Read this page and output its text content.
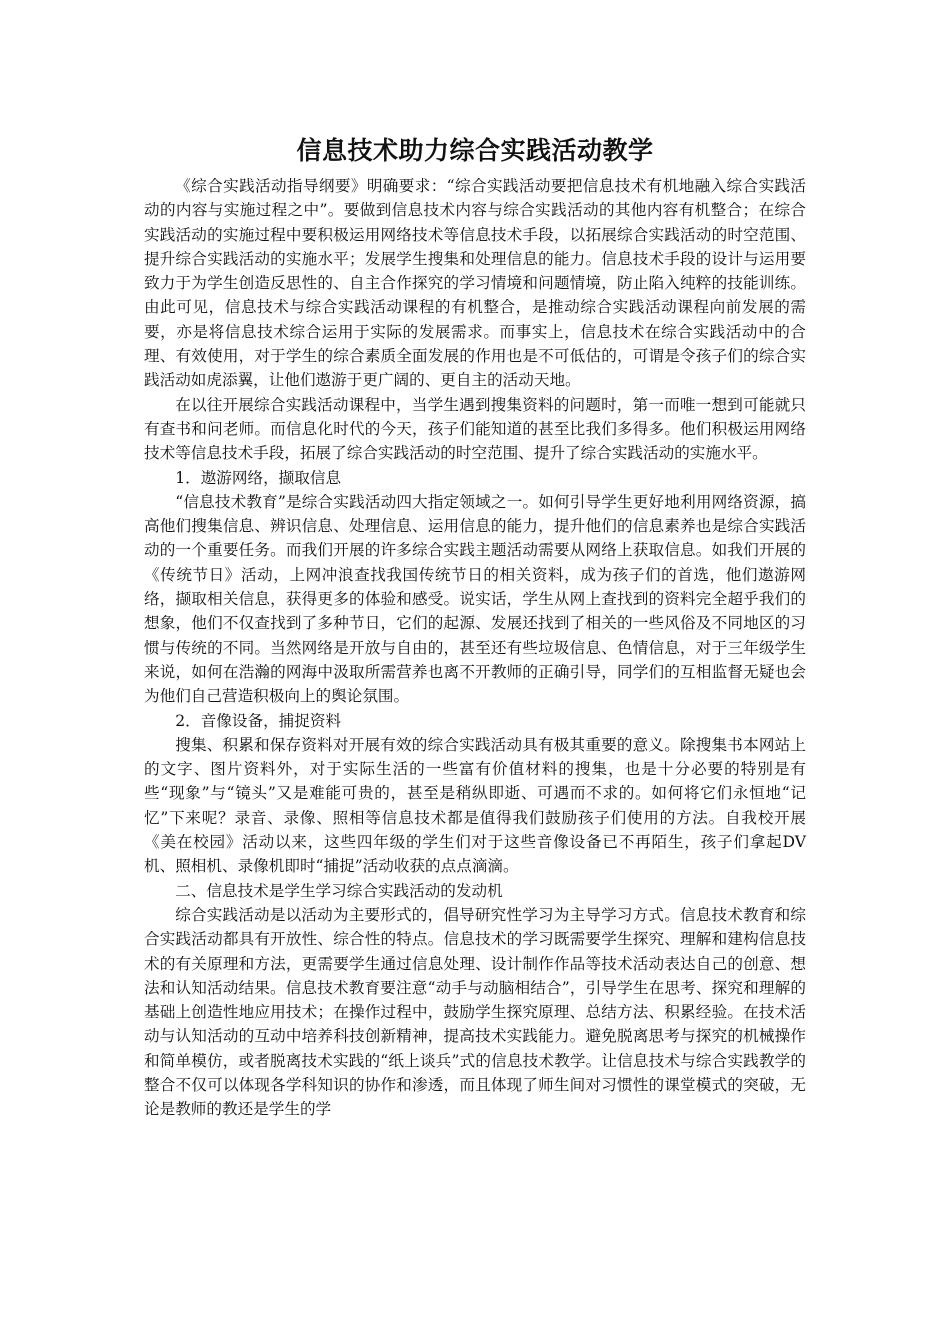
信息技术助力综合实践活动教学

《综合实践活动指导纲要》明确要求：“综合实践活动要把信息技术有机地融入综合实践活动的内容与实施过程之中”。要做到信息技术内容与综合实践活动的其他内容有机整合；在综合实践活动的实施过程中要积极运用网络技术等信息技术手段，以拓展综合实践活动的时空范围、提升综合实践活动的实施水平；发展学生搜集和处理信息的能力。信息技术手段的设计与运用要致力于为学生创造反思性的、自主合作探究的学习情境和问题情境，防止陷入纯粹的技能训练。由此可见，信息技术与综合实践活动课程的有机整合，是推动综合实践活动课程向前发展的需要，亦是将信息技术综合运用于实际的发展需求。而事实上，信息技术在综合实践活动中的合理、有效使用，对于学生的综合素质全面发展的作用也是不可低估的，可谓是令孩子们的综合实践活动如虎添翼，让他们遨游于更广阔的、更自主的活动天地。

在以往开展综合实践活动课程中，当学生遇到搜集资料的问题时，第一而唯一想到可能就只有查书和问老师。而信息化时代的今天，孩子们能知道的甚至比我们多得多。他们积极运用网络技术等信息技术手段，拓展了综合实践活动的时空范围、提升了综合实践活动的实施水平。

1．遨游网络，撷取信息

“信息技术教育”是综合实践活动四大指定领域之一。如何引导学生更好地利用网络资源，搞高他们搜集信息、辨识信息、处理信息、运用信息的能力，提升他们的信息素养也是综合实践活动的一个重要任务。而我们开展的许多综合实践主题活动需要从网络上获取信息。如我们开展的《传统节日》活动，上网冲浪查找我国传统节日的相关资料，成为孩子们的首选，他们遨游网络，撷取相关信息，获得更多的体验和感受。说实话，学生从网上查找到的资料完全超乎我们的想象，他们不仅查找到了多种节日，它们的起源、发展还找到了相关的一些风俗及不同地区的习惯与传统的不同。当然网络是开放与自由的，甚至还有些垃圾信息、色情信息，对于三年级学生来说，如何在浩瀚的网海中汲取所需营养也离不开教师的正确引导，同学们的互相监督无疑也会为他们自己营造积极向上的舆论氛围。

2．音像设备，捕捉资料

搜集、积累和保存资料对开展有效的综合实践活动具有极其重要的意义。除搜集书本网站上的文字、图片资料外，对于实际生活的一些富有价值材料的搜集，也是十分必要的特别是有些“现象”与“镜头”又是难能可贵的，甚至是稍纵即逝、可遇而不求的。如何将它们永恒地“记忆”下来呢？录音、录像、照相等信息技术都是值得我们鼓励孩子们使用的方法。自我校开展《美在校园》活动以来，这些四年级的学生们对于这些音像设备已不再陌生，孩子们拿起DV机、照相机、录像机即时“捕捉”活动收获的点点滴滴。

二、信息技术是学生学习综合实践活动的发动机

综合实践活动是以活动为主要形式的，倡导研究性学习为主导学习方式。信息技术教育和综合实践活动都具有开放性、综合性的特点。信息技术的学习既需要学生探究、理解和建构信息技术的有关原理和方法，更需要学生通过信息处理、设计制作作品等技术活动表达自己的创意、想法和认知活动结果。信息技术教育要注意“动手与动脑相结合”，引导学生在思考、探究和理解的基础上创造性地应用技术；在操作过程中，鼓励学生探究原理、总结方法、积累经验。在技术活动与认知活动的互动中培养科技创新精神，提高技术实践能力。避免脱离思考与探究的机械操作和简单模仿，或者脱离技术实践的“纸上谈兵”式的信息技术教学。让信息技术与综合实践教学的整合不仅可以体现各学科知识的协作和渗透，而且体现了师生间对习惯性的课堂模式的突破，无论是教师的教还是学生的学
